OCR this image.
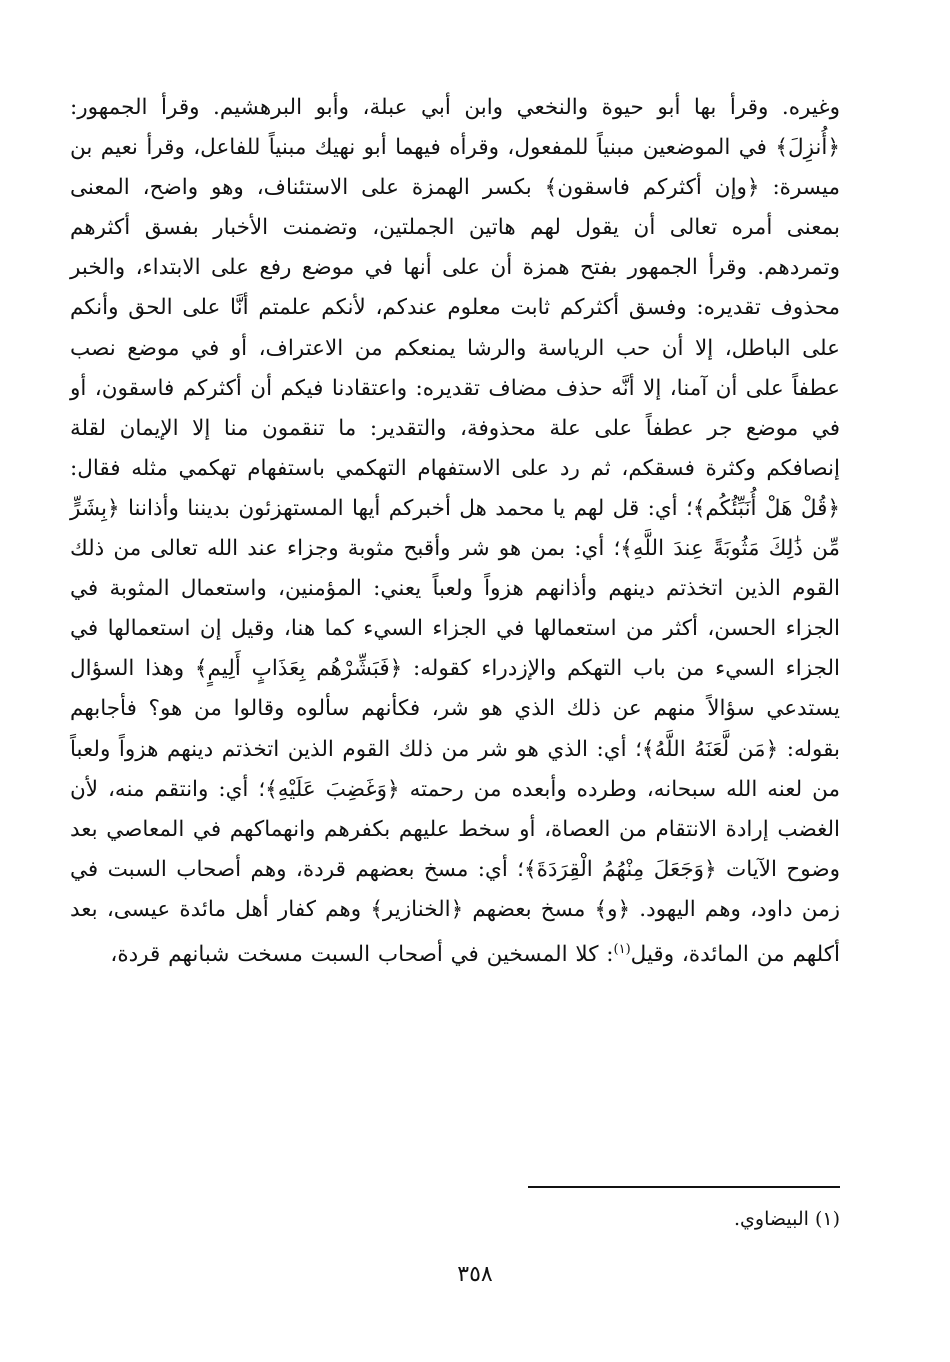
وغيره. وقرأ بها أبو حيوة والنخعي وابن أبي عبلة، وأبو البرهشيم. وقرأ الجمهور: ﴿أُنزِلَ﴾ في الموضعين مبنياً للمفعول، وقرأه فيهما أبو نهيك مبنياً للفاعل، وقرأ نعيم بن ميسرة: ﴿وإن أكثركم فاسقون﴾ بكسر الهمزة على الاستئناف، وهو واضح، المعنى بمعنى أمره تعالى أن يقول لهم هاتين الجملتين، وتضمنت الأخبار بفسق أكثرهم وتمردهم. وقرأ الجمهور بفتح همزة أن على أنها في موضع رفع على الابتداء، والخبر محذوف تقديره: وفسق أكثركم ثابت معلوم عندكم، لأنكم علمتم أنَّا على الحق وأنكم على الباطل، إلا أن حب الرياسة والرشا يمنعكم من الاعتراف، أو في موضع نصب عطفاً على أن آمنا، إلا أنَّه حذف مضاف تقديره: واعتقادنا فيكم أن أكثركم فاسقون، أو في موضع جر عطفاً على علة محذوفة، والتقدير: ما تنقمون منا إلا الإيمان لقلة إنصافكم وكثرة فسقكم، ثم رد على الاستفهام التهكمي باستفهام تهكمي مثله فقال: ﴿قُلْ هَلْ أُنَبِّئُكُم﴾؛ أي: قل لهم يا محمد هل أخبركم أيها المستهزئون بديننا وأذاننا ﴿بِشَرٍّ مِّن ذَٰلِكَ مَثُوبَةً عِندَ اللَّهِ﴾؛ أي: بمن هو شر وأقبح مثوبة وجزاء عند الله تعالى من ذلك القوم الذين اتخذتم دينهم وأذانهم هزواً ولعباً يعني: المؤمنين، واستعمال المثوبة في الجزاء الحسن، أكثر من استعمالها في الجزاء السيء كما هنا، وقيل إن استعمالها في الجزاء السيء من باب التهكم والإزدراء كقوله: ﴿فَبَشِّرْهُم بِعَذَابٍ أَلِيمٍ﴾ وهذا السؤال يستدعي سؤالاً منهم عن ذلك الذي هو شر، فكأنهم سألوه وقالوا من هو؟ فأجابهم بقوله: ﴿مَن لَّعَنَهُ اللَّهُ﴾؛ أي: الذي هو شر من ذلك القوم الذين اتخذتم دينهم هزواً ولعباً من لعنه الله سبحانه، وطرده وأبعده من رحمته ﴿وَغَضِبَ عَلَيْهِ﴾؛ أي: وانتقم منه، لأن الغضب إرادة الانتقام من العصاة، أو سخط عليهم بكفرهم وانهماكهم في المعاصي بعد وضوح الآيات ﴿وَجَعَلَ مِنْهُمُ الْقِرَدَةَ﴾؛ أي: مسخ بعضهم قردة، وهم أصحاب السبت في زمن داود، وهم اليهود. ﴿و﴾ مسخ بعضهم ﴿الخنازير﴾ وهم كفار أهل مائدة عيسى، بعد أكلهم من المائدة، وقيل$^{(١)}$: كلا المسخين في أصحاب السبت مسخت شبانهم قردة،

(١) البيضاوي.
٣٥٨
